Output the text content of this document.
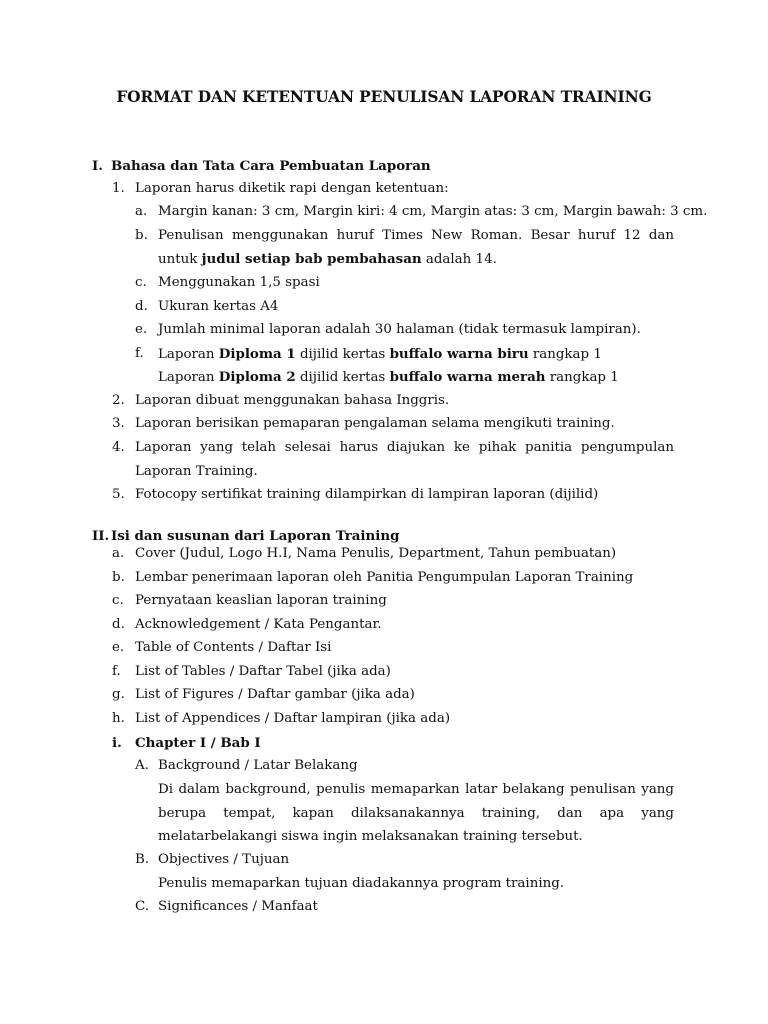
FORMAT DAN KETENTUAN PENULISAN LAPORAN TRAINING
I. Bahasa dan Tata Cara Pembuatan Laporan
1. Laporan harus diketik rapi dengan ketentuan:
a. Margin kanan: 3 cm, Margin kiri: 4 cm, Margin atas: 3 cm, Margin bawah: 3 cm.
b. Penulisan menggunakan huruf Times New Roman. Besar huruf 12 dan untuk judul setiap bab pembahasan adalah 14.
c. Menggunakan 1,5 spasi
d. Ukuran kertas A4
e. Jumlah minimal laporan adalah 30 halaman (tidak termasuk lampiran).
f. Laporan Diploma 1 dijilid kertas buffalo warna biru rangkap 1
Laporan Diploma 2 dijilid kertas buffalo warna merah rangkap 1
2. Laporan dibuat menggunakan bahasa Inggris.
3. Laporan berisikan pemaparan pengalaman selama mengikuti training.
4. Laporan yang telah selesai harus diajukan ke pihak panitia pengumpulan Laporan Training.
5. Fotocopy sertifikat training dilampirkan di lampiran laporan (dijilid)
II. Isi dan susunan dari Laporan Training
a. Cover (Judul, Logo H.I, Nama Penulis, Department, Tahun pembuatan)
b. Lembar penerimaan laporan oleh Panitia Pengumpulan Laporan Training
c. Pernyataan keaslian laporan training
d. Acknowledgement / Kata Pengantar.
e. Table of Contents / Daftar Isi
f. List of Tables / Daftar Tabel (jika ada)
g. List of Figures / Daftar gambar (jika ada)
h. List of Appendices / Daftar lampiran (jika ada)
i. Chapter I / Bab I
A. Background / Latar Belakang
Di dalam background, penulis memaparkan latar belakang penulisan yang berupa tempat, kapan dilaksanakannya training, dan apa yang melatarbelakangi siswa ingin melaksanakan training tersebut.
B. Objectives / Tujuan
Penulis memaparkan tujuan diadakannya program training.
C. Significances / Manfaat
